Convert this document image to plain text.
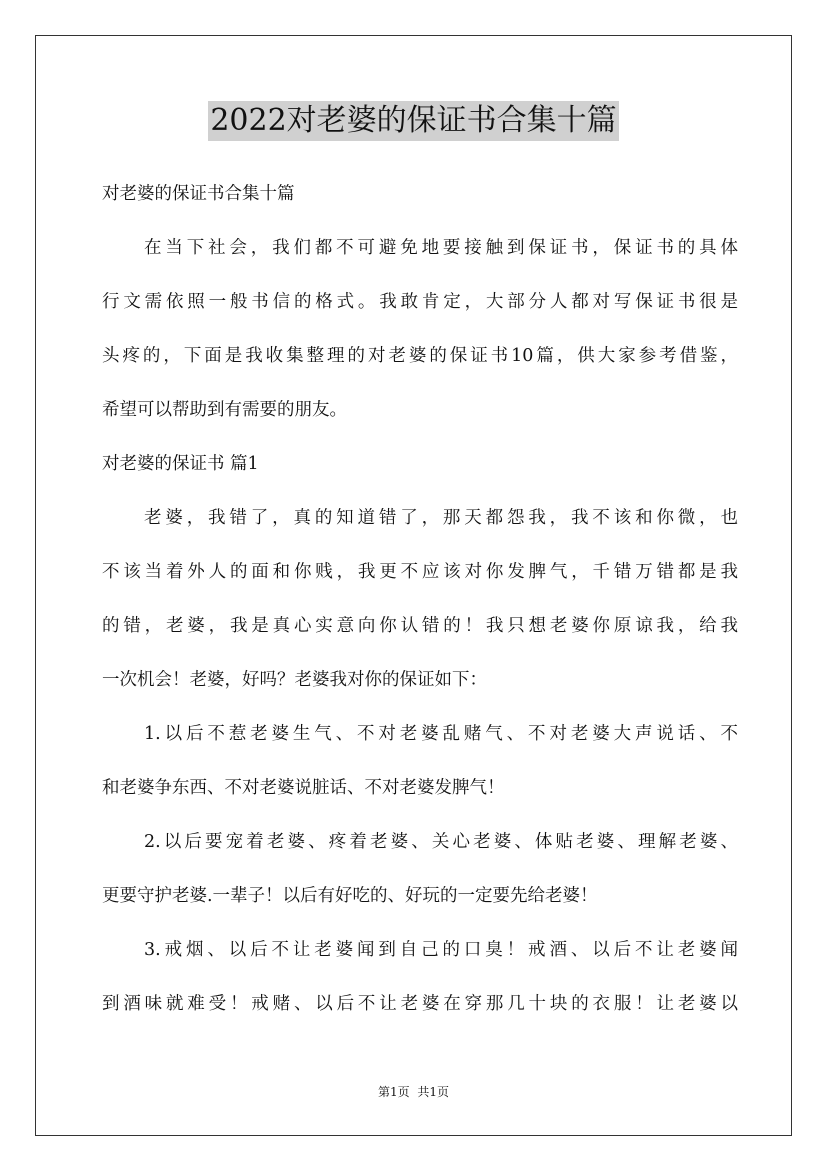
2022对老婆的保证书合集十篇
对老婆的保证书合集十篇
在当下社会，我们都不可避免地要接触到保证书，保证书的具体
行文需依照一般书信的格式。我敢肯定，大部分人都对写保证书很是
头疼的，下面是我收集整理的对老婆的保证书10篇，供大家参考借鉴，
希望可以帮助到有需要的朋友。
对老婆的保证书 篇1
老婆，我错了，真的知道错了，那天都怨我，我不该和你微，也
不该当着外人的面和你贱，我更不应该对你发脾气，千错万错都是我
的错，老婆，我是真心实意向你认错的！我只想老婆你原谅我，给我
一次机会！老婆，好吗？老婆我对你的保证如下：
1.以后不惹老婆生气、不对老婆乱赌气、不对老婆大声说话、不
和老婆争东西、不对老婆说脏话、不对老婆发脾气！
2.以后要宠着老婆、疼着老婆、关心老婆、体贴老婆、理解老婆、
更要守护老婆.一辈子！以后有好吃的、好玩的一定要先给老婆！
3.戒烟、以后不让老婆闻到自己的口臭！戒酒、以后不让老婆闻
到酒味就难受！戒赌、以后不让老婆在穿那几十块的衣服！让老婆以
第1页 共1页
